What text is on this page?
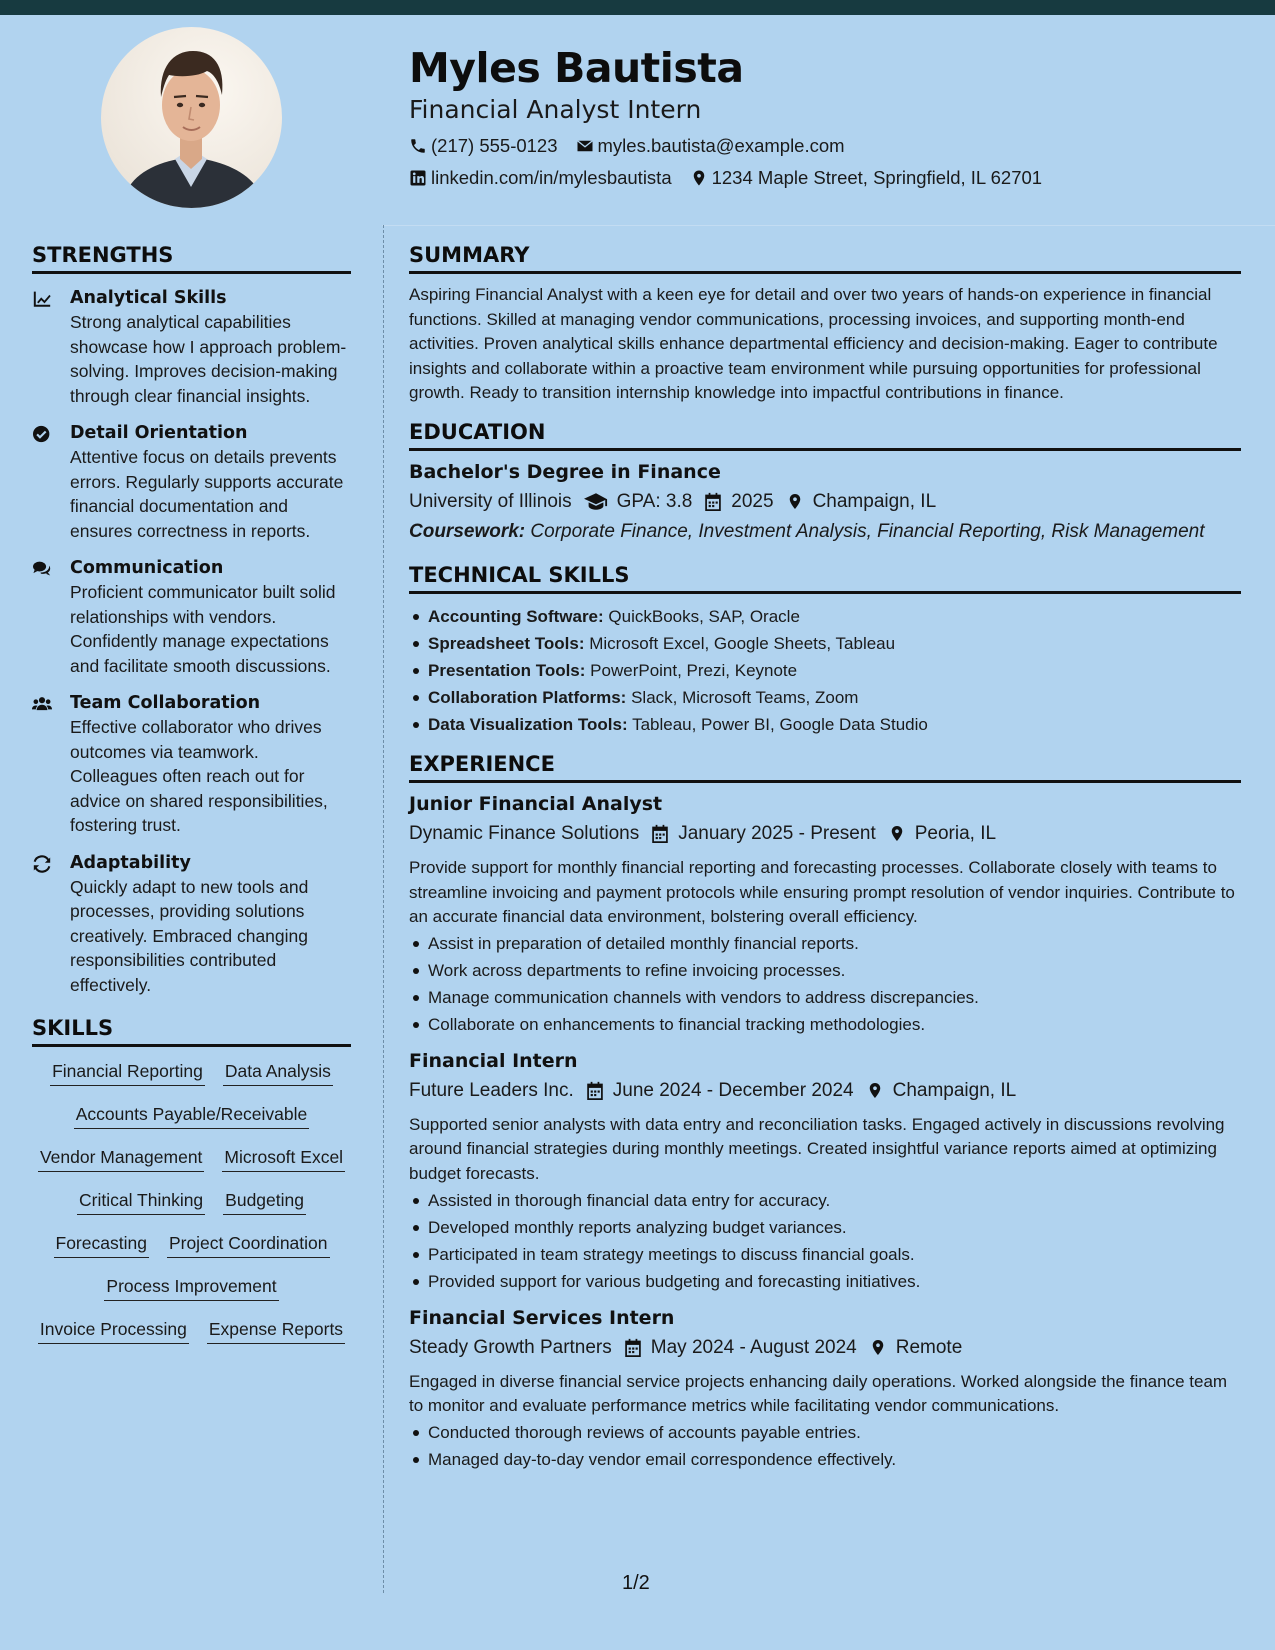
Myles Bautista
Financial Analyst Intern
(217) 555-0123 myles.bautista@example.com
linkedin.com/in/mylesbautista 1234 Maple Street, Springfield, IL 62701
STRENGTHS
Analytical Skills
Strong analytical capabilities showcase how I approach problem-solving. Improves decision-making through clear financial insights.
Detail Orientation
Attentive focus on details prevents errors. Regularly supports accurate financial documentation and ensures correctness in reports.
Communication
Proficient communicator built solid relationships with vendors. Confidently manage expectations and facilitate smooth discussions.
Team Collaboration
Effective collaborator who drives outcomes via teamwork. Colleagues often reach out for advice on shared responsibilities, fostering trust.
Adaptability
Quickly adapt to new tools and processes, providing solutions creatively. Embraced changing responsibilities contributed effectively.
SKILLS
Financial Reporting Data Analysis
Accounts Payable/Receivable
Vendor Management Microsoft Excel
Critical Thinking Budgeting
Forecasting Project Coordination
Process Improvement
Invoice Processing Expense Reports
SUMMARY

Aspiring Financial Analyst with a keen eye for detail and over two years of hands-on experience in financial functions. Skilled at managing vendor communications, processing invoices, and supporting month-end activities. Proven analytical skills enhance departmental efficiency and decision-making. Eager to contribute insights and collaborate within a proactive team environment while pursuing opportunities for professional growth. Ready to transition internship knowledge into impactful contributions in finance.

EDUCATION
Bachelor's Degree in Finance
University of Illinois GPA: 3.8 2025 Champaign, IL
Coursework: Corporate Finance, Investment Analysis, Financial Reporting, Risk Management
TECHNICAL SKILLS
Accounting Software: QuickBooks, SAP, Oracle
Spreadsheet Tools: Microsoft Excel, Google Sheets, Tableau
Presentation Tools: PowerPoint, Prezi, Keynote
Collaboration Platforms: Slack, Microsoft Teams, Zoom
Data Visualization Tools: Tableau, Power BI, Google Data Studio
EXPERIENCE
Junior Financial Analyst
Dynamic Finance Solutions January 2025 - Present Peoria, IL

Provide support for monthly financial reporting and forecasting processes. Collaborate closely with teams to streamline invoicing and payment protocols while ensuring prompt resolution of vendor inquiries. Contribute to an accurate financial data environment, bolstering overall efficiency.

Assist in preparation of detailed monthly financial reports.
Work across departments to refine invoicing processes.
Manage communication channels with vendors to address discrepancies.
Collaborate on enhancements to financial tracking methodologies.
Financial Intern
Future Leaders Inc. June 2024 - December 2024 Champaign, IL

Supported senior analysts with data entry and reconciliation tasks. Engaged actively in discussions revolving around financial strategies during monthly meetings. Created insightful variance reports aimed at optimizing budget forecasts.

Assisted in thorough financial data entry for accuracy.
Developed monthly reports analyzing budget variances.
Participated in team strategy meetings to discuss financial goals.
Provided support for various budgeting and forecasting initiatives.
Financial Services Intern
Steady Growth Partners May 2024 - August 2024 Remote

Engaged in diverse financial service projects enhancing daily operations. Worked alongside the finance team to monitor and evaluate performance metrics while facilitating vendor communications.

Conducted thorough reviews of accounts payable entries.
Managed day-to-day vendor email correspondence effectively.
1/2
